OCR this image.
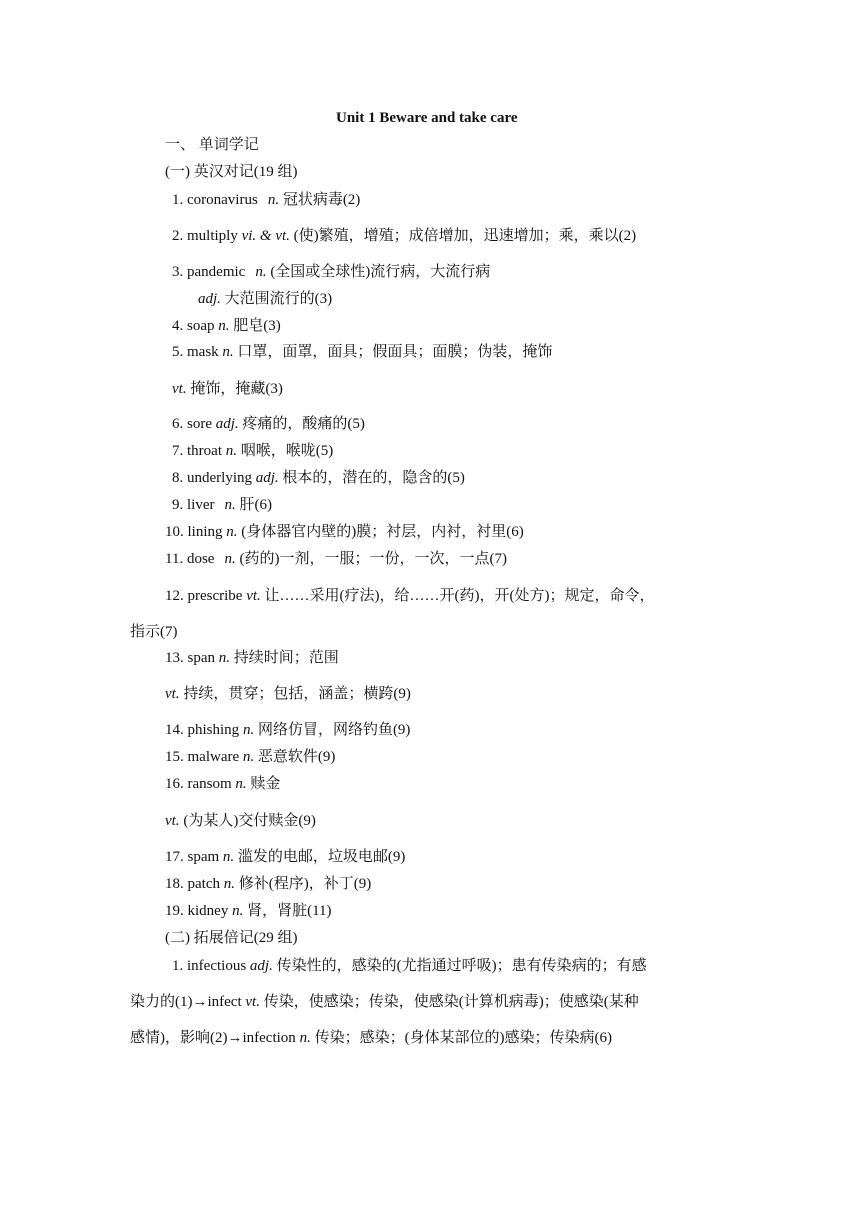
Unit 1 Beware and take care
一、 单词学记
(一) 英汉对记(19 组)
1. coronavirus n. 冠状病毒(2)
2. multiply vi. & vt. (使)繁殖，增殖；成倍增加，迅速增加；乘，乘以(2)
3. pandemic n. (全国或全球性)流行病，大流行病
adj. 大范围流行的(3)
4. soap n. 肥皂(3)
5. mask n. 口罩，面罩，面具；假面具；面膜；伪装，掩饰
vt. 掩饰，掩藏(3)
6. sore adj. 疼痛的，酸痛的(5)
7. throat n. 咽喉，喉咙(5)
8. underlying adj. 根本的，潜在的，隐含的(5)
9. liver n. 肝(6)
10. lining n. (身体器官内壁的)膜；衬层，内衬，衬里(6)
11. dose n. (药的)一剂，一服；一份，一次，一点(7)
12. prescribe vt. 让……采用(疗法)，给……开(药)，开(处方)；规定，命令，
指示(7)
13. span n. 持续时间；范围
vt. 持续，贯穿；包括，涵盖；横跨(9)
14. phishing n. 网络仿冒，网络钓鱼(9)
15. malware n. 恶意软件(9)
16. ransom n. 赎金
vt. (为某人)交付赎金(9)
17. spam n. 滥发的电邮，垃圾电邮(9)
18. patch n. 修补(程序)，补丁(9)
19. kidney n. 肾，肾脏(11)
(二) 拓展倍记(29 组)
1. infectious adj. 传染性的，感染的(尤指通过呼吸)；患有传染病的；有感
染力的(1)→infect vt. 传染，使感染；传染，使感染(计算机病毒)；使感染(某种
感情)，影响(2)→infection n. 传染；感染；(身体某部位的)感染；传染病(6)
